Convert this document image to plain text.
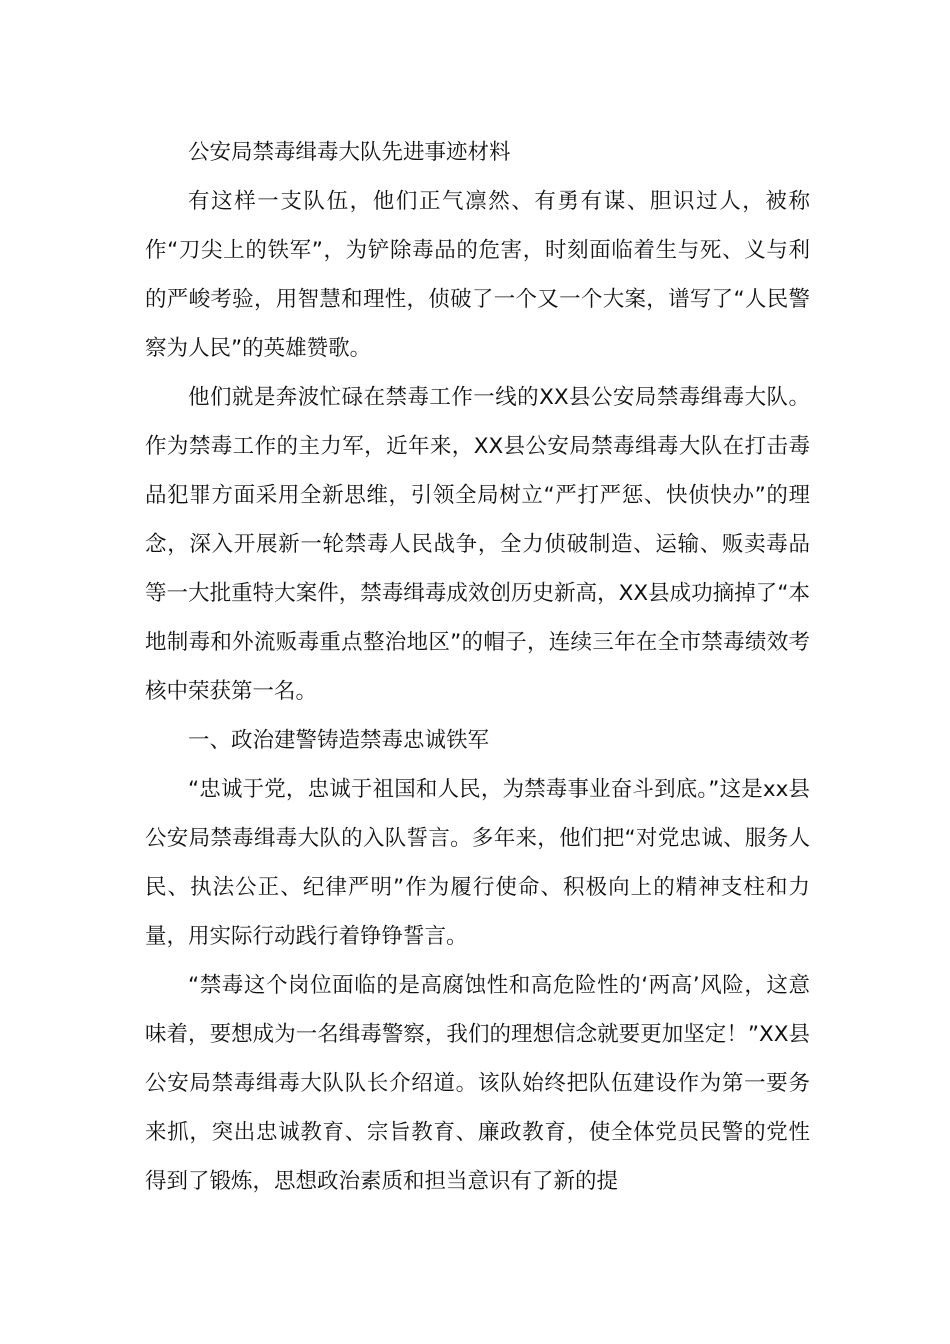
公安局禁毒缉毒大队先进事迹材料

有这样一支队伍，他们正气凛然、有勇有谋、胆识过人，被称作“刀尖上的铁军”，为铲除毒品的危害，时刻面临着生与死、义与利的严峻考验，用智慧和理性，侦破了一个又一个大案，谱写了“人民警察为人民”的英雄赞歌。

他们就是奔波忙碌在禁毒工作一线的XX县公安局禁毒缉毒大队。作为禁毒工作的主力军，近年来，XX县公安局禁毒缉毒大队在打击毒品犯罪方面采用全新思维，引领全局树立“严打严惩、快侦快办”的理念，深入开展新一轮禁毒人民战争，全力侦破制造、运输、贩卖毒品等一大批重特大案件，禁毒缉毒成效创历史新高，XX县成功摘掉了“本地制毒和外流贩毒重点整治地区”的帽子，连续三年在全市禁毒绩效考核中荣获第一名。

一、政治建警铸造禁毒忠诚铁军

“忠诚于党，忠诚于祖国和人民，为禁毒事业奋斗到底。”这是xx县公安局禁毒缉毒大队的入队誓言。多年来，他们把“对党忠诚、服务人民、执法公正、纪律严明”作为履行使命、积极向上的精神支柱和力量，用实际行动践行着铮铮誓言。

“禁毒这个岗位面临的是高腐蚀性和高危险性的‘两高’风险，这意味着，要想成为一名缉毒警察，我们的理想信念就要更加坚定！”XX县公安局禁毒缉毒大队队长介绍道。该队始终把队伍建设作为第一要务来抓，突出忠诚教育、宗旨教育、廉政教育，使全体党员民警的党性得到了锻炼，思想政治素质和担当意识有了新的提
